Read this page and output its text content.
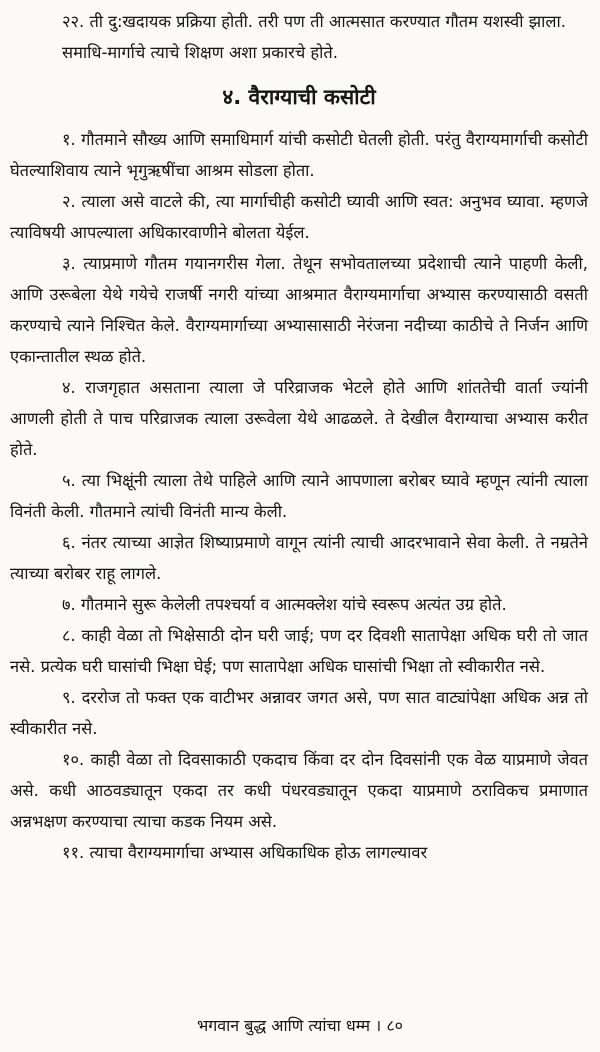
२२. ती दु:खदायक प्रक्रिया होती. तरी पण ती आत्मसात करण्यात गौतम यशस्वी झाला.

समाधि-मार्गाचे त्याचे शिक्षण अशा प्रकारचे होते.

४. वैराग्याची कसोटी

१. गौतमाने सौख्य आणि समाधिमार्ग यांची कसोटी घेतली होती. परंतु वैराग्यमार्गाची कसोटी घेतल्याशिवाय त्याने भृगुऋषींचा आश्रम सोडला होता.

२. त्याला असे वाटले की, त्या मार्गाचीही कसोटी घ्यावी आणि स्वत: अनुभव घ्यावा. म्हणजे त्याविषयी आपल्याला अधिकारवाणीने बोलता येईल.

३. त्याप्रमाणे गौतम गयानगरीस गेला. तेथून सभोवतालच्या प्रदेशाची त्याने पाहणी केली, आणि उरूबेला येथे गयेचे राजर्षी नगरी यांच्या आश्रमात वैराग्यमार्गाचा अभ्यास करण्यासाठी वसती करण्याचे त्याने निश्चित केले. वैराग्यमार्गाच्या अभ्यासासाठी नेरंजना नदीच्या काठीचे ते निर्जन आणि एकान्तातील स्थळ होते.

४. राजगृहात असताना त्याला जे परिव्राजक भेटले होते आणि शांततेची वार्ता ज्यांनी आणली होती ते पाच परिव्राजक त्याला उरूवेला येथे आढळले. ते देखील वैराग्याचा अभ्यास करीत होते.

५. त्या भिक्षूंनी त्याला तेथे पाहिले आणि त्याने आपणाला बरोबर घ्यावे म्हणून त्यांनी त्याला विनंती केली. गौतमाने त्यांची विनंती मान्य केली.

६. नंतर त्याच्या आज्ञेत शिष्याप्रमाणे वागून त्यांनी त्याची आदरभावाने सेवा केली. ते नम्रतेने त्याच्या बरोबर राहू लागले.

७. गौतमाने सुरू केलेली तपश्चर्या व आत्मक्लेश यांचे स्वरूप अत्यंत उग्र होते.

८. काही वेळा तो भिक्षेसाठी दोन घरी जाई; पण दर दिवशी सातापेक्षा अधिक घरी तो जात नसे. प्रत्येक घरी घासांची भिक्षा घेई; पण सातापेक्षा अधिक घासांची भिक्षा तो स्वीकारीत नसे.

९. दररोज तो फक्त एक वाटीभर अन्नावर जगत असे, पण सात वाट्यांपेक्षा अधिक अन्न तो स्वीकारीत नसे.

१०. काही वेळा तो दिवसाकाठी एकदाच किंवा दर दोन दिवसांनी एक वेळ याप्रमाणे जेवत असे. कधी आठवड्यातून एकदा तर कधी पंधरवड्यातून एकदा याप्रमाणे ठराविकच प्रमाणात अन्नभक्षण करण्याचा त्याचा कडक नियम असे.

११. त्याचा वैराग्यमार्गाचा अभ्यास अधिकाधिक होऊ लागल्यावर

भगवान बुद्ध आणि त्यांचा धम्म । ८०
